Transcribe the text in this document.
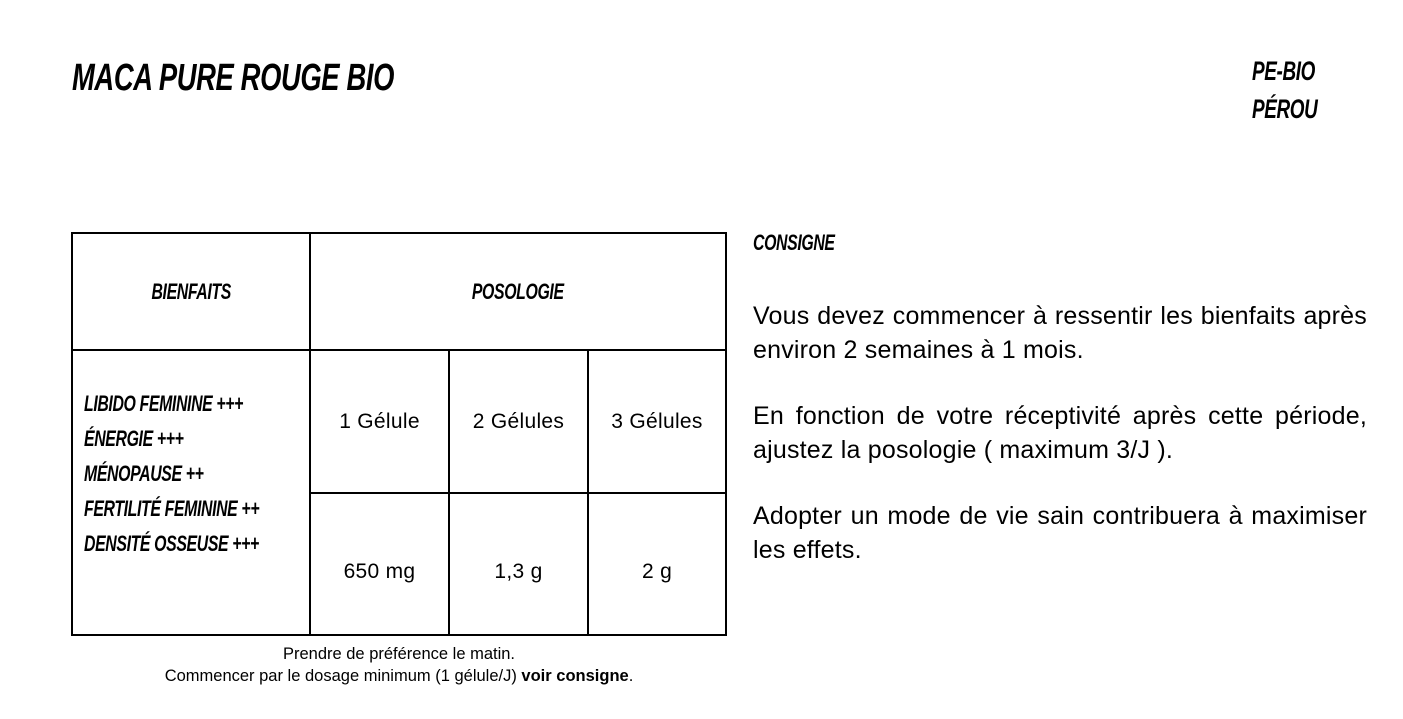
MACA PURE ROUGE BIO	PE-BIO
PÉROU
BIENFAITS	POSOLOGIE
LIBIDO FEMININE +++
ÉNERGIE +++
MÉNOPAUSE ++
FERTILITÉ FEMININE ++
DENSITÉ OSSEUSE +++
1 Gélule	2 Gélules 3 Gélules
650 mg	1,3 g	2 g
Prendre de préférence le matin.
Commencer par le dosage minimum (1 gélule/J) voir consigne.
CONSIGNE
Vous devez commencer à ressentir les bienfaits après environ 2 semaines à 1 mois.
En fonction de votre réceptivité après cette période, ajustez la posologie ( maximum 3/J ).
Adopter un mode de vie sain contribuera à maximiser les effets.
